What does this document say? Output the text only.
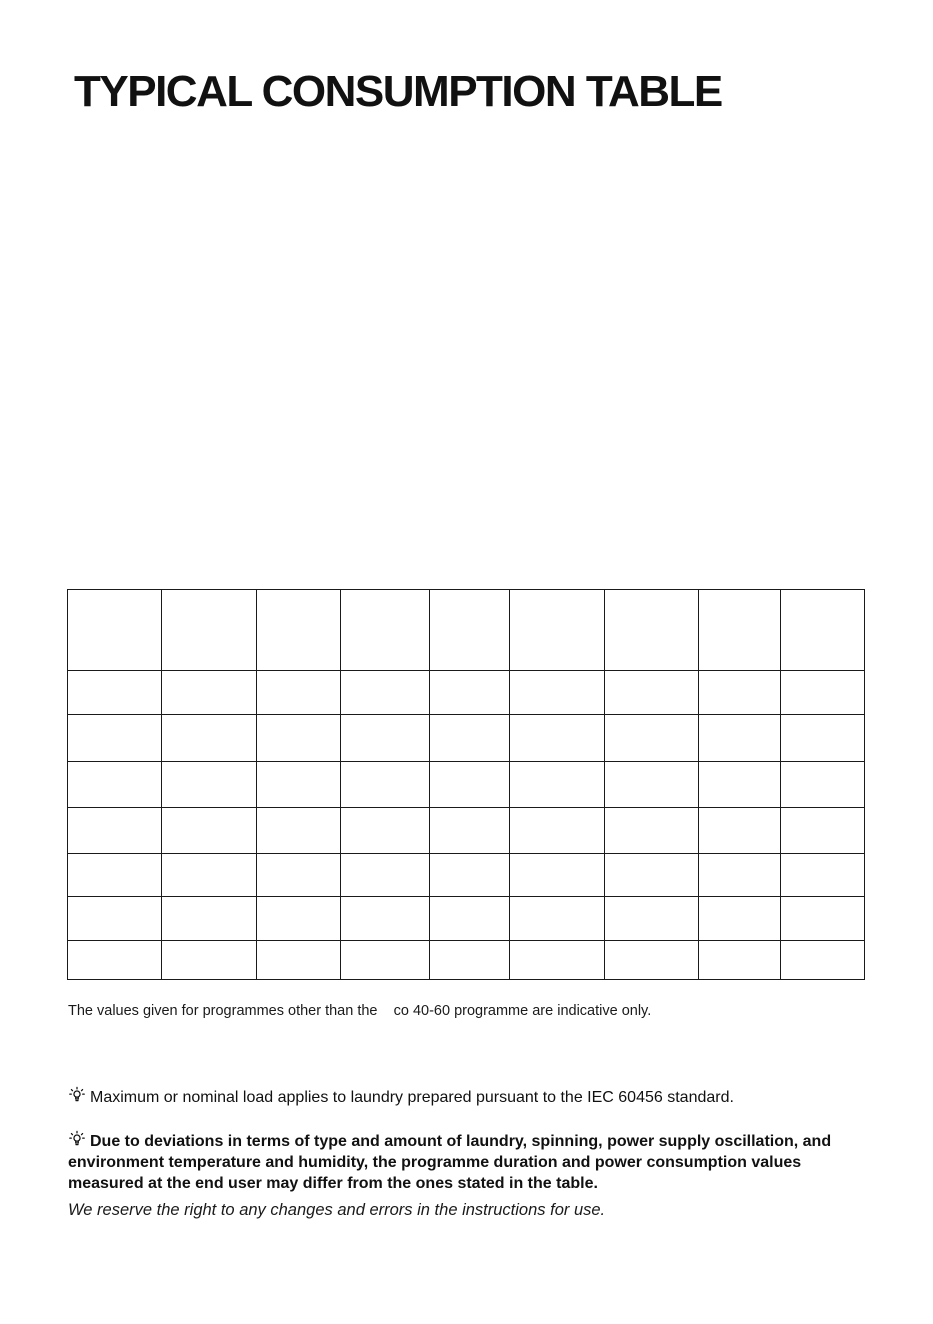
TYPICAL CONSUMPTION TABLE

The values given for programmes other than the    co 40-60 programme are indicative only.
Maximum or nominal load applies to laundry prepared pursuant to the IEC 60456 standard.
Due to deviations in terms of type and amount of laundry, spinning, power supply oscillation, and environment temperature and humidity, the programme duration and power consumption values measured at the end user may differ from the ones stated in the table.
We reserve the right to any changes and errors in the instructions for use.
